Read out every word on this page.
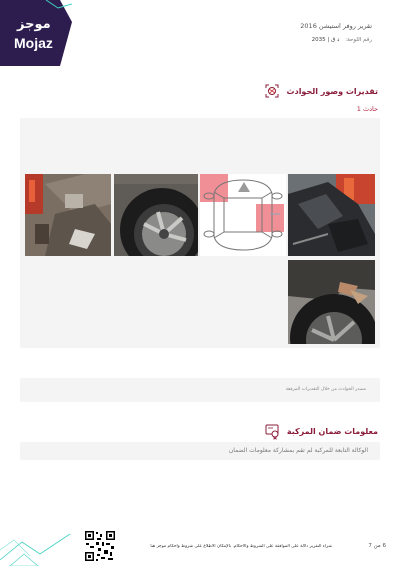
موجز
Mojaz
تقرير روفر استيشن 2016
رقم اللوحة: د ق | 2035
تقديرات وصور الحوادث
حادث 1
مصدر الحوادث من خلال التقديرات المرفقة
معلومات ضمان المركبة
الوكالة التابعة للمركبة لم تقم بمشاركة معلومات الضمان
شراء التقرير دلالة على الموافقة على الشروط والأحكام. بالإمكان الاطلاع على شروط وأحكام موجز هنا	6 من 7
